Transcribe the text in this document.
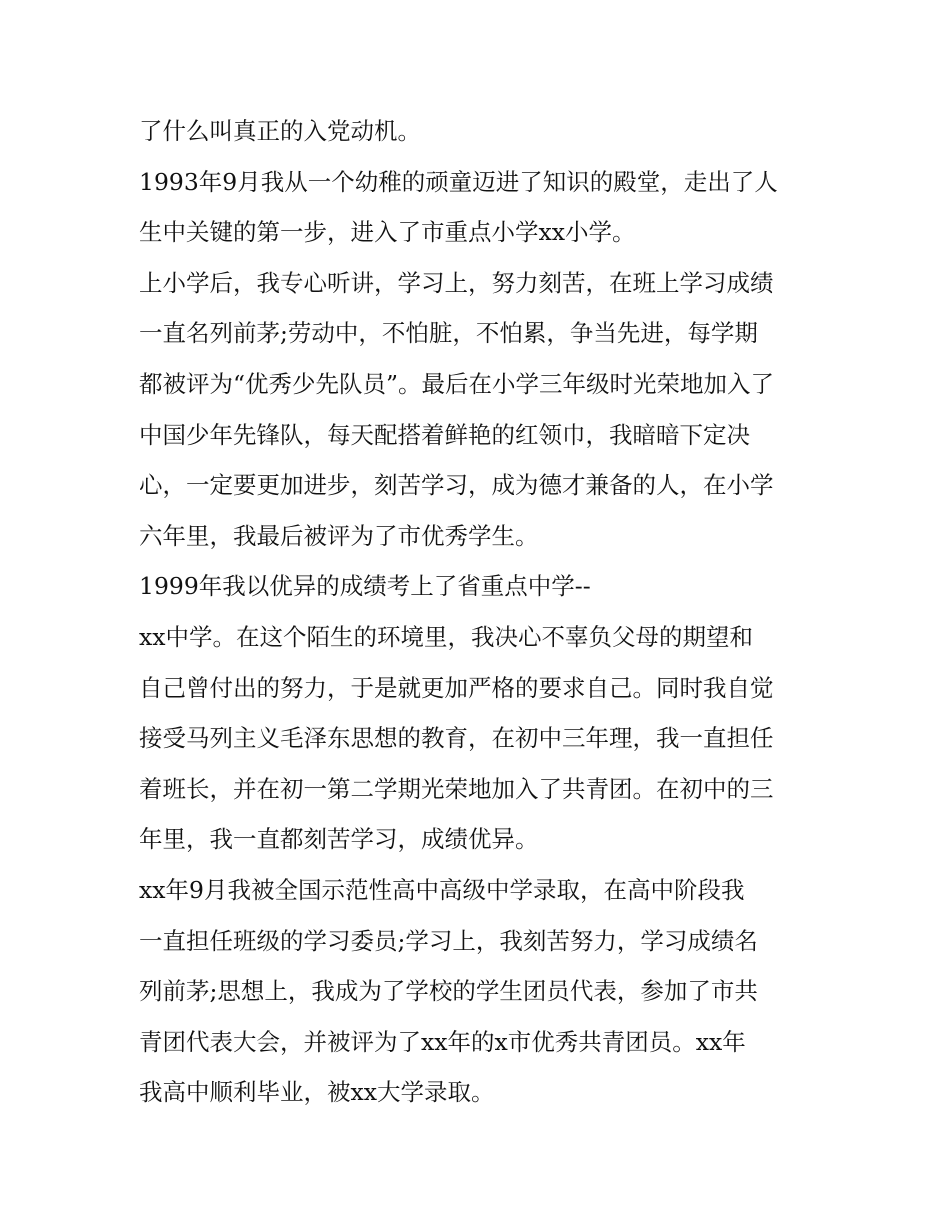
了什么叫真正的入党动机。
1993年9月我从一个幼稚的顽童迈进了知识的殿堂，走出了人
生中关键的第一步，进入了市重点小学xx小学。
上小学后，我专心听讲，学习上，努力刻苦，在班上学习成绩
一直名列前茅;劳动中，不怕脏，不怕累，争当先进，每学期
都被评为“优秀少先队员”。最后在小学三年级时光荣地加入了
中国少年先锋队，每天配搭着鲜艳的红领巾，我暗暗下定决
心，一定要更加进步，刻苦学习，成为德才兼备的人，在小学
六年里，我最后被评为了市优秀学生。
1999年我以优异的成绩考上了省重点中学--
xx中学。在这个陌生的环境里，我决心不辜负父母的期望和
自己曾付出的努力，于是就更加严格的要求自己。同时我自觉
接受马列主义毛泽东思想的教育，在初中三年理，我一直担任
着班长，并在初一第二学期光荣地加入了共青团。在初中的三
年里，我一直都刻苦学习，成绩优异。
xx年9月我被全国示范性高中高级中学录取，在高中阶段我
一直担任班级的学习委员;学习上，我刻苦努力，学习成绩名
列前茅;思想上，我成为了学校的学生团员代表，参加了市共
青团代表大会，并被评为了xx年的x市优秀共青团员。xx年
我高中顺利毕业，被xx大学录取。
